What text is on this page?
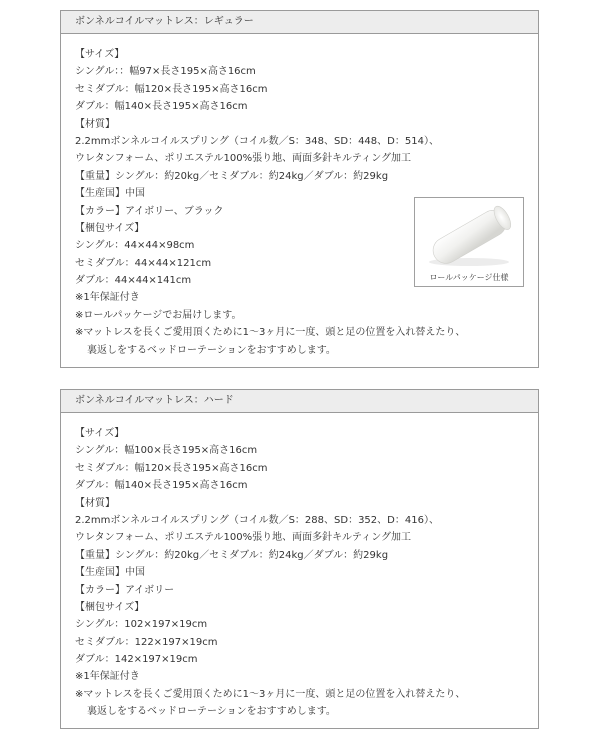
ボンネルコイルマットレス：レギュラー
【サイズ】
シングル：：幅97×長さ195×高さ16cm
セミダブル：幅120×長さ195×高さ16cm
ダブル：幅140×長さ195×高さ16cm
【材質】
2.2mmボンネルコイルスプリング（コイル数／S：348、SD：448、D：514）、
ウレタンフォーム、ポリエステル100%張り地、両面多針キルティング加工
【重量】シングル：約20kg／セミダブル：約24kg／ダブル：約29kg
【生産国】中国
【カラー】アイボリー、ブラック
【梱包サイズ】
シングル：44×44×98cm
セミダブル：44×44×121cm
ダブル：44×44×141cm
※1年保証付き
※ロールパッケージでお届けします。
※マットレスを長くご愛用頂くために1～3ヶ月に一度、頭と足の位置を入れ替えたり、
裏返しをするベッドローテーションをおすすめします。
ロールパッケージ仕様
ボンネルコイルマットレス：ハード
【サイズ】
シングル：幅100×長さ195×高さ16cm
セミダブル：幅120×長さ195×高さ16cm
ダブル：幅140×長さ195×高さ16cm
【材質】
2.2mmボンネルコイルスプリング（コイル数／S：288、SD：352、D：416）、
ウレタンフォーム、ポリエステル100%張り地、両面多針キルティング加工
【重量】シングル：約20kg／セミダブル：約24kg／ダブル：約29kg
【生産国】中国
【カラー】アイボリー
【梱包サイズ】
シングル：102×197×19cm
セミダブル：122×197×19cm
ダブル：142×197×19cm
※1年保証付き
※マットレスを長くご愛用頂くために1～3ヶ月に一度、頭と足の位置を入れ替えたり、
裏返しをするベッドローテーションをおすすめします。
